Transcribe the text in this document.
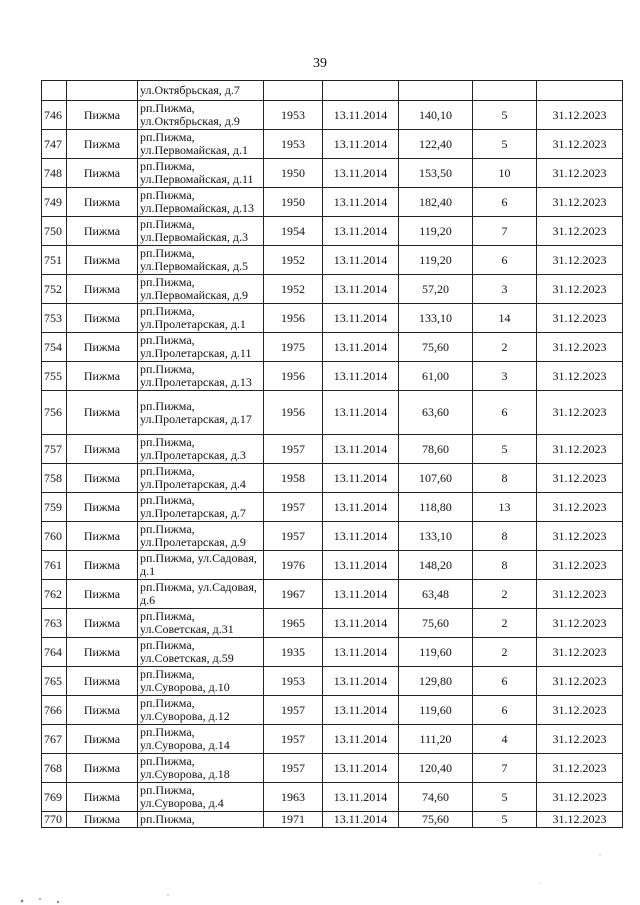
39
		ул.Октябрьская, д.7					
746	Пижма	рп.Пижма,
ул.Октябрьская, д.9	1953	13.11.2014	140,10	5	31.12.2023
747	Пижма	рп.Пижма,
ул.Первомайская, д.1	1953	13.11.2014	122,40	5	31.12.2023
748	Пижма	рп.Пижма,
ул.Первомайская, д.11	1950	13.11.2014	153,50	10	31.12.2023
749	Пижма	рп.Пижма,
ул.Первомайская, д.13	1950	13.11.2014	182,40	6	31.12.2023
750	Пижма	рп.Пижма,
ул.Первомайская, д.3	1954	13.11.2014	119,20	7	31.12.2023
751	Пижма	рп.Пижма,
ул.Первомайская, д.5	1952	13.11.2014	119,20	6	31.12.2023
752	Пижма	рп.Пижма,
ул.Первомайская, д.9	1952	13.11.2014	57,20	3	31.12.2023
753	Пижма	рп.Пижма,
ул.Пролетарская, д.1	1956	13.11.2014	133,10	14	31.12.2023
754	Пижма	рп.Пижма,
ул.Пролетарская, д.11	1975	13.11.2014	75,60	2	31.12.2023
755	Пижма	рп.Пижма,
ул.Пролетарская, д.13	1956	13.11.2014	61,00	3	31.12.2023
756	Пижма	рп.Пижма,
ул.Пролетарская, д.17	1956	13.11.2014	63,60	6	31.12.2023
757	Пижма	рп.Пижма,
ул.Пролетарская, д.3	1957	13.11.2014	78,60	5	31.12.2023
758	Пижма	рп.Пижма,
ул.Пролетарская, д.4	1958	13.11.2014	107,60	8	31.12.2023
759	Пижма	рп.Пижма,
ул.Пролетарская, д.7	1957	13.11.2014	118,80	13	31.12.2023
760	Пижма	рп.Пижма,
ул.Пролетарская, д.9	1957	13.11.2014	133,10	8	31.12.2023
761	Пижма	рп.Пижма, ул.Садовая,
д.1	1976	13.11.2014	148,20	8	31.12.2023
762	Пижма	рп.Пижма, ул.Садовая,
д.6	1967	13.11.2014	63,48	2	31.12.2023
763	Пижма	рп.Пижма,
ул.Советская, д.31	1965	13.11.2014	75,60	2	31.12.2023
764	Пижма	рп.Пижма,
ул.Советская, д.59	1935	13.11.2014	119,60	2	31.12.2023
765	Пижма	рп.Пижма,
ул.Суворова, д.10	1953	13.11.2014	129,80	6	31.12.2023
766	Пижма	рп.Пижма,
ул.Суворова, д.12	1957	13.11.2014	119,60	6	31.12.2023
767	Пижма	рп.Пижма,
ул.Суворова, д.14	1957	13.11.2014	111,20	4	31.12.2023
768	Пижма	рп.Пижма,
ул.Суворова, д.18	1957	13.11.2014	120,40	7	31.12.2023
769	Пижма	рп.Пижма,
ул.Суворова, д.4	1963	13.11.2014	74,60	5	31.12.2023
770	Пижма	рп.Пижма,	1971	13.11.2014	75,60	5	31.12.2023
